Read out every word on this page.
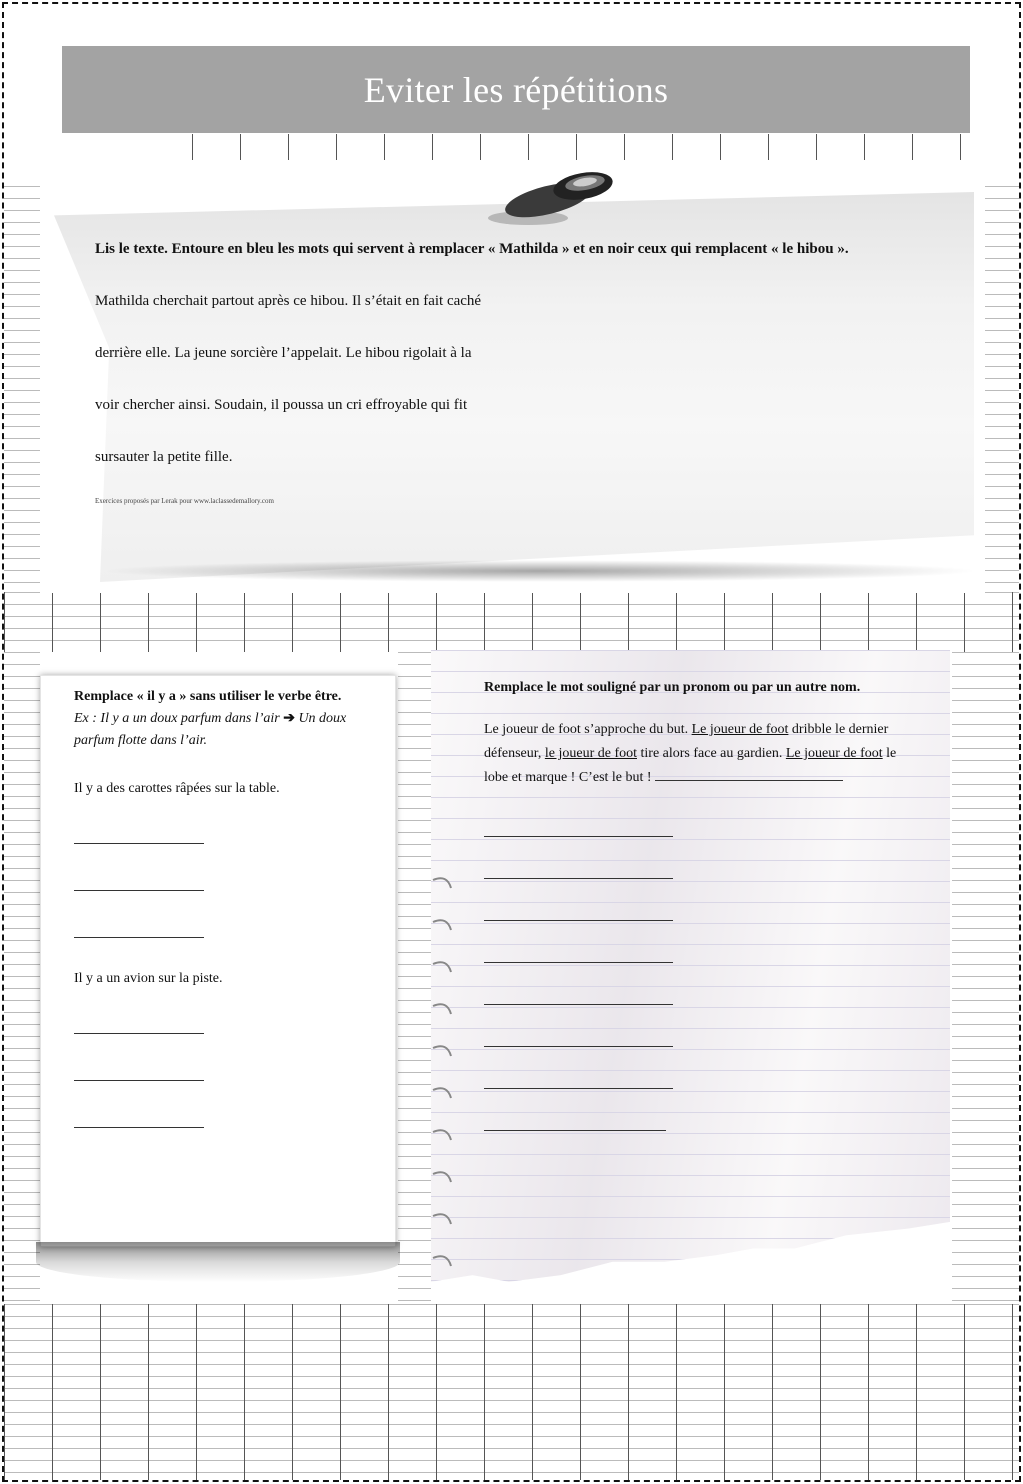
Eviter les répétitions

Lis le texte. Entoure en bleu les mots qui servent à remplacer « Mathilda » et en noir ceux qui remplacent « le hibou ».

Mathilda cherchait partout après ce hibou. Il s’était en fait caché
derrière elle. La jeune sorcière l’appelait. Le hibou rigolait à la
voir chercher ainsi. Soudain, il poussa un cri effroyable qui fit
sursauter la petite fille.

Exercices proposés par Lerak pour www.laclassedemallory.com

Remplace « il y a » sans utiliser le verbe être.

Ex : Il y a un doux parfum dans l’air ➔ Un doux parfum flotte dans l’air.

Il y a des carottes râpées sur la table.

Il y a un avion sur la piste.

Remplace le mot souligné par un pronom ou par un autre nom.

Le joueur de foot s’approche du but. Le joueur de foot dribble le dernier défenseur, le joueur de foot tire alors face au gardien. Le joueur de foot le lobe et marque ! C’est le but !
